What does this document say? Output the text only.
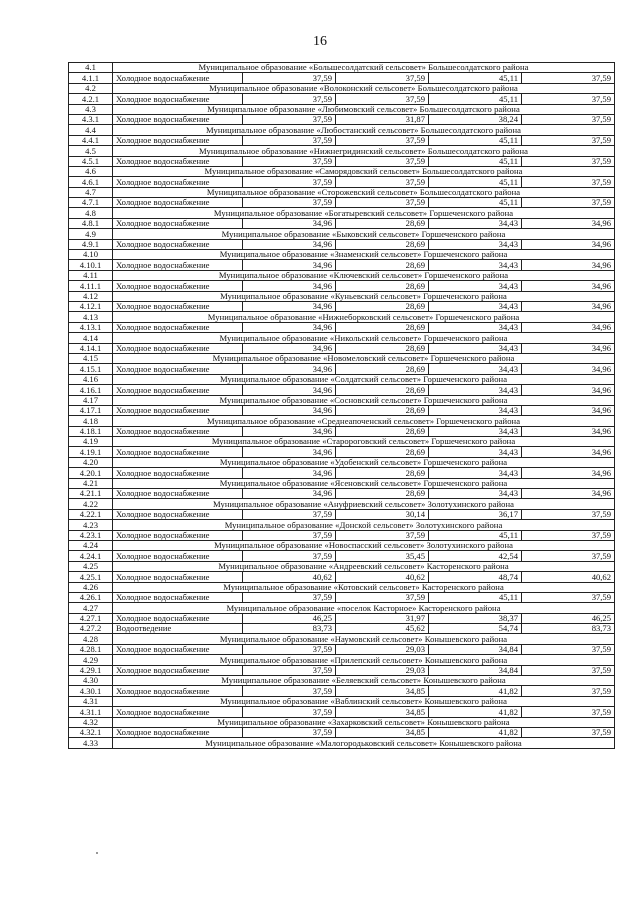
16
4.1	Муниципальное образование «Большесолдатский сельсовет» Большесолдатского района				
4.1.1	Холодное водоснабжение	37,59	37,59	45,11	37,59
4.2	Муниципальное образование «Волоконский сельсовет» Большесолдатского района				
4.2.1	Холодное водоснабжение	37,59	37,59	45,11	37,59
4.3	Муниципальное образование «Любимовский сельсовет» Большесолдатского района				
4.3.1	Холодное водоснабжение	37,59	31,87	38,24	37,59
4.4	Муниципальное образование «Любостанский сельсовет» Большесолдатского района				
4.4.1	Холодное водоснабжение	37,59	37,59	45,11	37,59
4.5	Муниципальное образование «Нижнегридинский сельсовет» Большесолдатского района				
4.5.1	Холодное водоснабжение	37,59	37,59	45,11	37,59
4.6	Муниципальное образование «Саморядовский сельсовет» Большесолдатского района				
4.6.1	Холодное водоснабжение	37,59	37,59	45,11	37,59
4.7	Муниципальное образование «Сторожевский сельсовет» Большесолдатского района				
4.7.1	Холодное водоснабжение	37,59	37,59	45,11	37,59
4.8	Муниципальное образование «Богатыревский сельсовет» Горшеченского района				
4.8.1	Холодное водоснабжение	34,96	28,69	34,43	34,96
4.9	Муниципальное образование «Быковский сельсовет» Горшеченского района				
4.9.1	Холодное водоснабжение	34,96	28,69	34,43	34,96
4.10	Муниципальное образование «Знаменский сельсовет» Горшеченского района				
4.10.1	Холодное водоснабжение	34,96	28,69	34,43	34,96
4.11	Муниципальное образование «Ключевский сельсовет» Горшеченского района				
4.11.1	Холодное водоснабжение	34,96	28,69	34,43	34,96
4.12	Муниципальное образование «Куньевский сельсовет» Горшеченского района				
4.12.1	Холодное водоснабжение	34,96	28,69	34,43	34,96
4.13	Муниципальное образование «Нижнеборковский сельсовет» Горшеченского района				
4.13.1	Холодное водоснабжение	34,96	28,69	34,43	34,96
4.14	Муниципальное образование «Никольский сельсовет» Горшеченского района				
4.14.1	Холодное водоснабжение	34,96	28,69	34,43	34,96
4.15	Муниципальное образование «Новомеловский сельсовет» Горшеченского района				
4.15.1	Холодное водоснабжение	34,96	28,69	34,43	34,96
4.16	Муниципальное образование «Солдатский сельсовет» Горшеченского района				
4.16.1	Холодное водоснабжение	34,96	28,69	34,43	34,96
4.17	Муниципальное образование «Сосновский сельсовет» Горшеченского района				
4.17.1	Холодное водоснабжение	34,96	28,69	34,43	34,96
4.18	Муниципальное образование «Среднеапоченский сельсовет» Горшеченского района				
4.18.1	Холодное водоснабжение	34,96	28,69	34,43	34,96
4.19	Муниципальное образование «Старороговский сельсовет» Горшеченского района				
4.19.1	Холодное водоснабжение	34,96	28,69	34,43	34,96
4.20	Муниципальное образование «Удобенский сельсовет» Горшеченского района				
4.20.1	Холодное водоснабжение	34,96	28,69	34,43	34,96
4.21	Муниципальное образование «Ясеновский сельсовет» Горшеченского района				
4.21.1	Холодное водоснабжение	34,96	28,69	34,43	34,96
4.22	Муниципальное образование «Ануфриевский сельсовет» Золотухинского района				
4.22.1	Холодное водоснабжение	37,59	30,14	36,17	37,59
4.23	Муниципальное образование «Донской сельсовет» Золотухинского района				
4.23.1	Холодное водоснабжение	37,59	37,59	45,11	37,59
4.24	Муниципальное образование «Новоспасский сельсовет» Золотухинского района				
4.24.1	Холодное водоснабжение	37,59	35,45	42,54	37,59
4.25	Муниципальное образование «Андреевский сельсовет» Касторенского района				
4.25.1	Холодное водоснабжение	40,62	40,62	48,74	40,62
4.26	Муниципальное образование «Котовский сельсовет» Касторенского района				
4.26.1	Холодное водоснабжение	37,59	37,59	45,11	37,59
4.27	Муниципальное образование «поселок Касторное» Касторенского района				
4.27.1	Холодное водоснабжение	46,25	31,97	38,37	46,25
4.27.2	Водоотведение	83,73	45,62	54,74	83,73
4.28	Муниципальное образование «Наумовский сельсовет» Конышевского района				
4.28.1	Холодное водоснабжение	37,59	29,03	34,84	37,59
4.29	Муниципальное образование «Прилепский сельсовет» Конышевского района				
4.29.1	Холодное водоснабжение	37,59	29,03	34,84	37,59
4.30	Муниципальное образование «Беляевский сельсовет» Конышевского района				
4.30.1	Холодное водоснабжение	37,59	34,85	41,82	37,59
4.31	Муниципальное образование «Ваблинский сельсовет» Конышевского района				
4.31.1	Холодное водоснабжение	37,59	34,85	41,82	37,59
4.32	Муниципальное образование «Захарковский сельсовет» Конышевского района				
4.32.1	Холодное водоснабжение	37,59	34,85	41,82	37,59
4.33	Муниципальное образование «Малогородьковский сельсовет» Конышевского района				
